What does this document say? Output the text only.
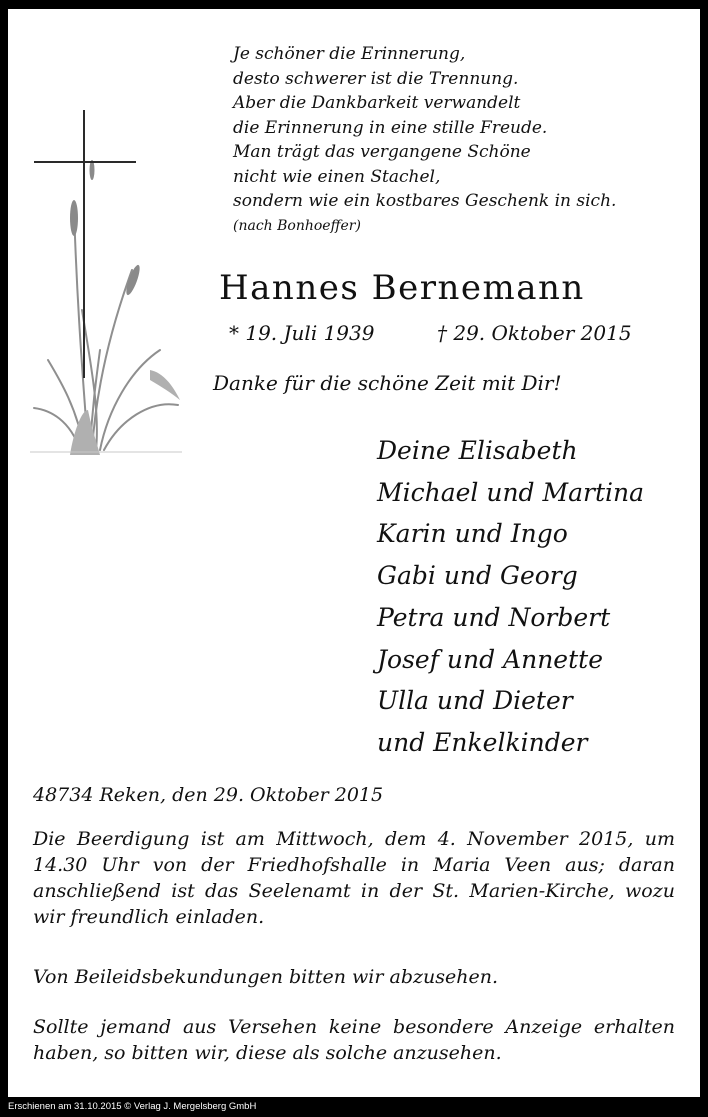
Je schöner die Erinnerung,
desto schwerer ist die Trennung.
Aber die Dankbarkeit verwandelt
die Erinnerung in eine stille Freude.
Man trägt das vergangene Schöne
nicht wie einen Stachel,
sondern wie ein kostbares Geschenk in sich.
(nach Bonhoeffer)
Hannes Bernemann
* 19. Juli 1939	† 29. Oktober 2015
Danke für die schöne Zeit mit Dir!
Deine Elisabeth
Michael und Martina
Karin und Ingo
Gabi und Georg
Petra und Norbert
Josef und Annette
Ulla und Dieter
und Enkelkinder
48734 Reken, den 29. Oktober 2015
Die Beerdigung ist am Mittwoch, dem 4. November 2015, um 14.30 Uhr von der Friedhofshalle in Maria Veen aus; daran anschließend ist das Seelenamt in der St. Marien-Kirche, wozu wir freundlich einladen.
Von Beileidsbekundungen bitten wir abzusehen.
Sollte jemand aus Versehen keine besondere Anzeige erhalten haben, so bitten wir, diese als solche anzusehen.
Erschienen am 31.10.2015 © Verlag J. Mergelsberg GmbH
